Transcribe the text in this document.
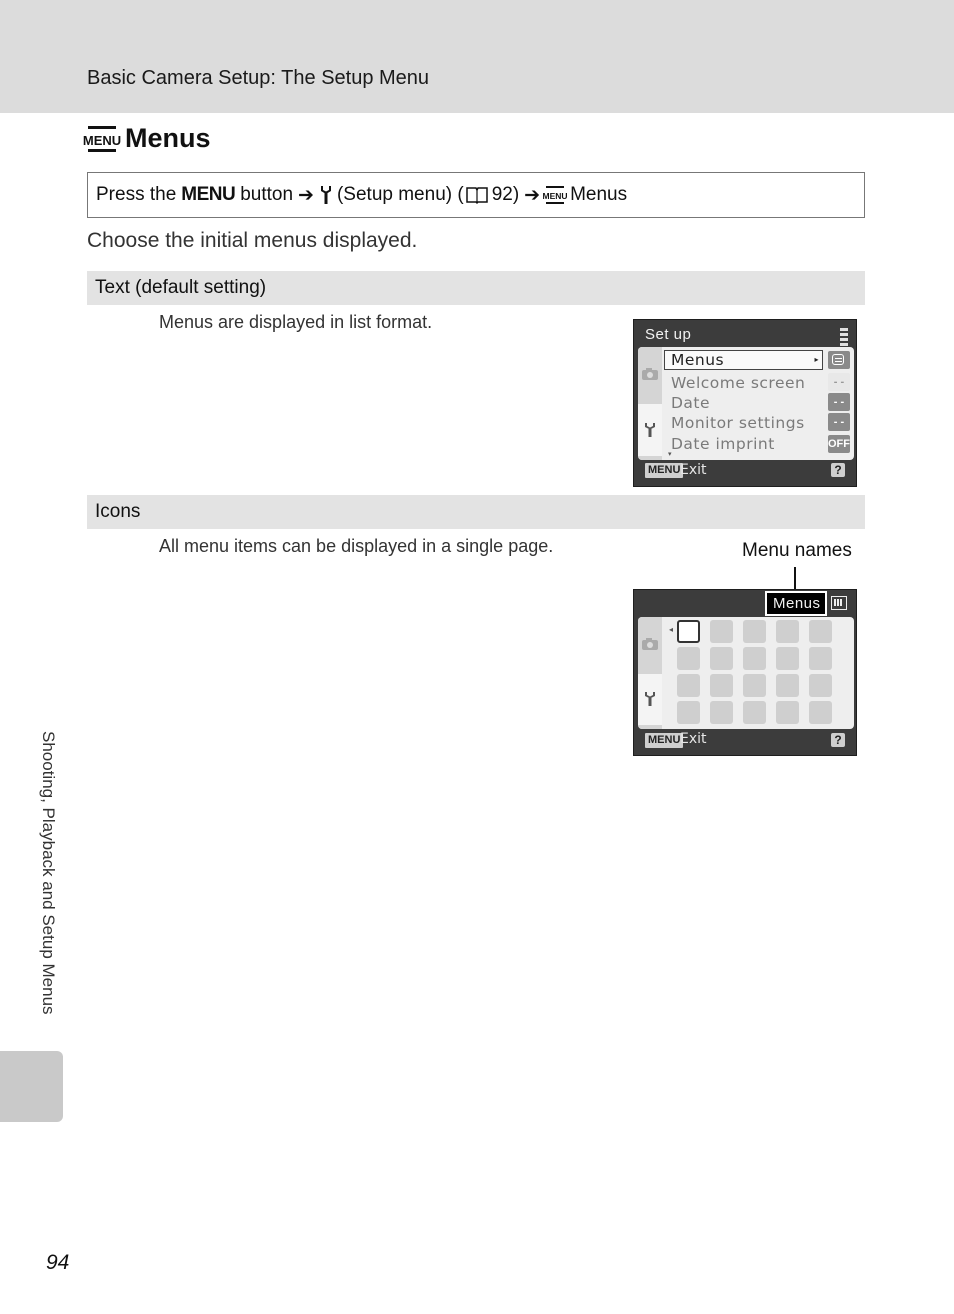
Basic Camera Setup: The Setup Menu
MENU Menus
Press the MENU button ➔ (Setup menu) ( 92) ➔ MENU Menus
Choose the initial menus displayed.
Text (default setting)
Menus are displayed in list format.
Set up
Menus	▸
Welcome screen
Date
Monitor settings
Date imprint
▾
- -
- -
- -
OFF
MENU Exit	?
Icons
All menu items can be displayed in a single page.	Menu names
Menus
◂
MENU Exit	?
Shooting, Playback and Setup Menus
94
